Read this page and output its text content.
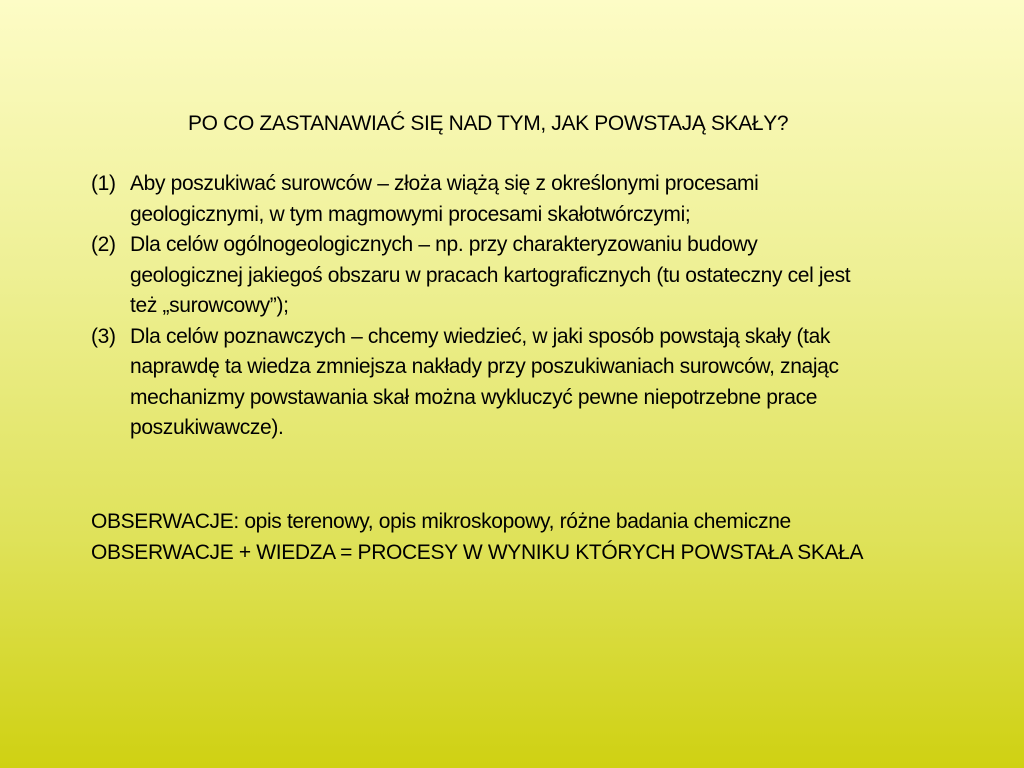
PO CO ZASTANAWIAĆ SIĘ NAD TYM, JAK POWSTAJĄ SKAŁY?
(1) Aby poszukiwać surowców – złoża wiążą się z określonymi procesami
geologicznymi, w tym magmowymi procesami skałotwórczymi;
(2) Dla celów ogólnogeologicznych – np. przy charakteryzowaniu budowy
geologicznej jakiegoś obszaru w pracach kartograficznych (tu ostateczny cel jest
też „surowcowy”);
(3) Dla celów poznawczych – chcemy wiedzieć, w jaki sposób powstają skały (tak
naprawdę ta wiedza zmniejsza nakłady przy poszukiwaniach surowców, znając
mechanizmy powstawania skał można wykluczyć pewne niepotrzebne prace
poszukiwawcze).
OBSERWACJE: opis terenowy, opis mikroskopowy, różne badania chemiczne
OBSERWACJE + WIEDZA = PROCESY W WYNIKU KTÓRYCH POWSTAŁA SKAŁA
